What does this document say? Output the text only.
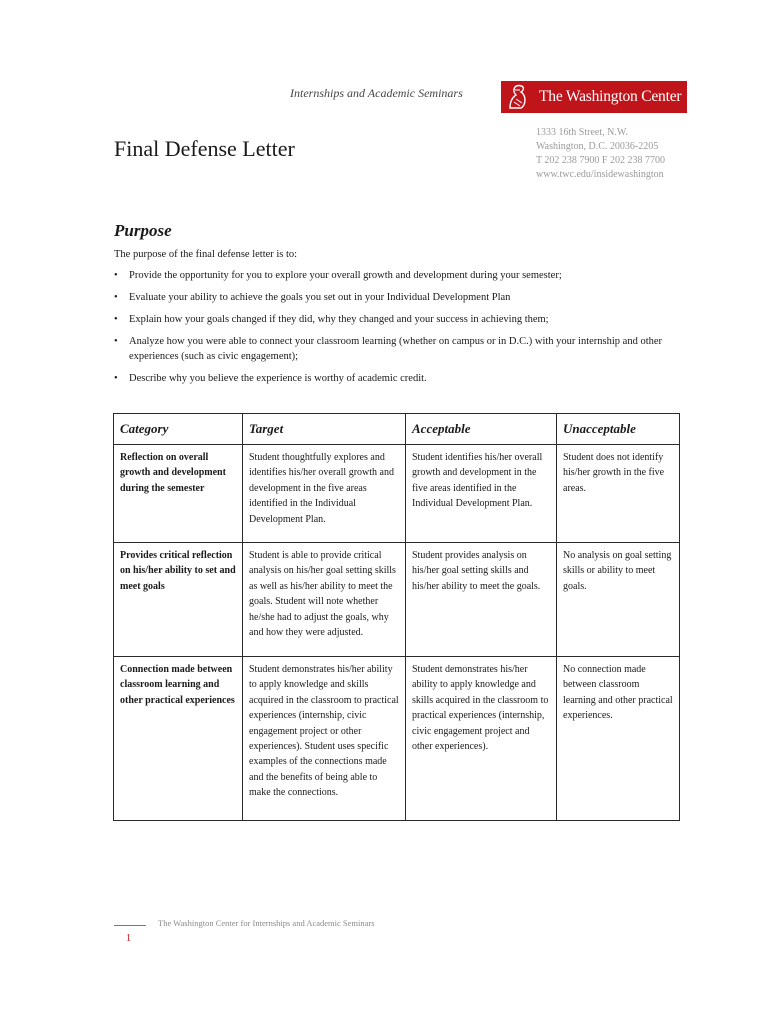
Internships and Academic Seminars	The Washington Center
1333 16th Street, N.W.
Washington, D.C. 20036-2205
T 202 238 7900 F 202 238 7700
www.twc.edu/insidewashington
Final Defense Letter
Purpose

The purpose of the final defense letter is to:

• Provide the opportunity for you to explore your overall growth and development during your semester;
• Evaluate your ability to achieve the goals you set out in your Individual Development Plan
• Explain how your goals changed if they did, why they changed and your success in achieving them;
• Analyze how you were able to connect your classroom learning (whether on campus or in D.C.) with your internship and other experiences (such as civic engagement);
• Describe why you believe the experience is worthy of academic credit.
Category	Target	Acceptable	Unacceptable
Reflection on overall growth and development during the semester	Student thoughtfully explores and identifies his/her overall growth and development in the five areas identified in the Individual Development Plan.	Student identifies his/her overall growth and development in the five areas identified in the Individual Development Plan.	Student does not identify his/her growth in the five areas.
Provides critical reflection on his/her ability to set and meet goals	Student is able to provide critical analysis on his/her goal setting skills as well as his/her ability to meet the goals. Student will note whether he/she had to adjust the goals, why and how they were adjusted.	Student provides analysis on his/her goal setting skills and his/her ability to meet the goals.	No analysis on goal setting skills or ability to meet goals.
Connection made between classroom learning and other practical experiences	Student demonstrates his/her ability to apply knowledge and skills acquired in the classroom to practical experiences (internship, civic engagement project or other experiences). Student uses specific examples of the connections made and the benefits of being able to make the connections.	Student demonstrates his/her ability to apply knowledge and skills acquired in the classroom to practical experiences (internship, civic engagement project and other experiences).	No connection made between classroom learning and other practical experiences.
The Washington Center for Internships and Academic Seminars
1
